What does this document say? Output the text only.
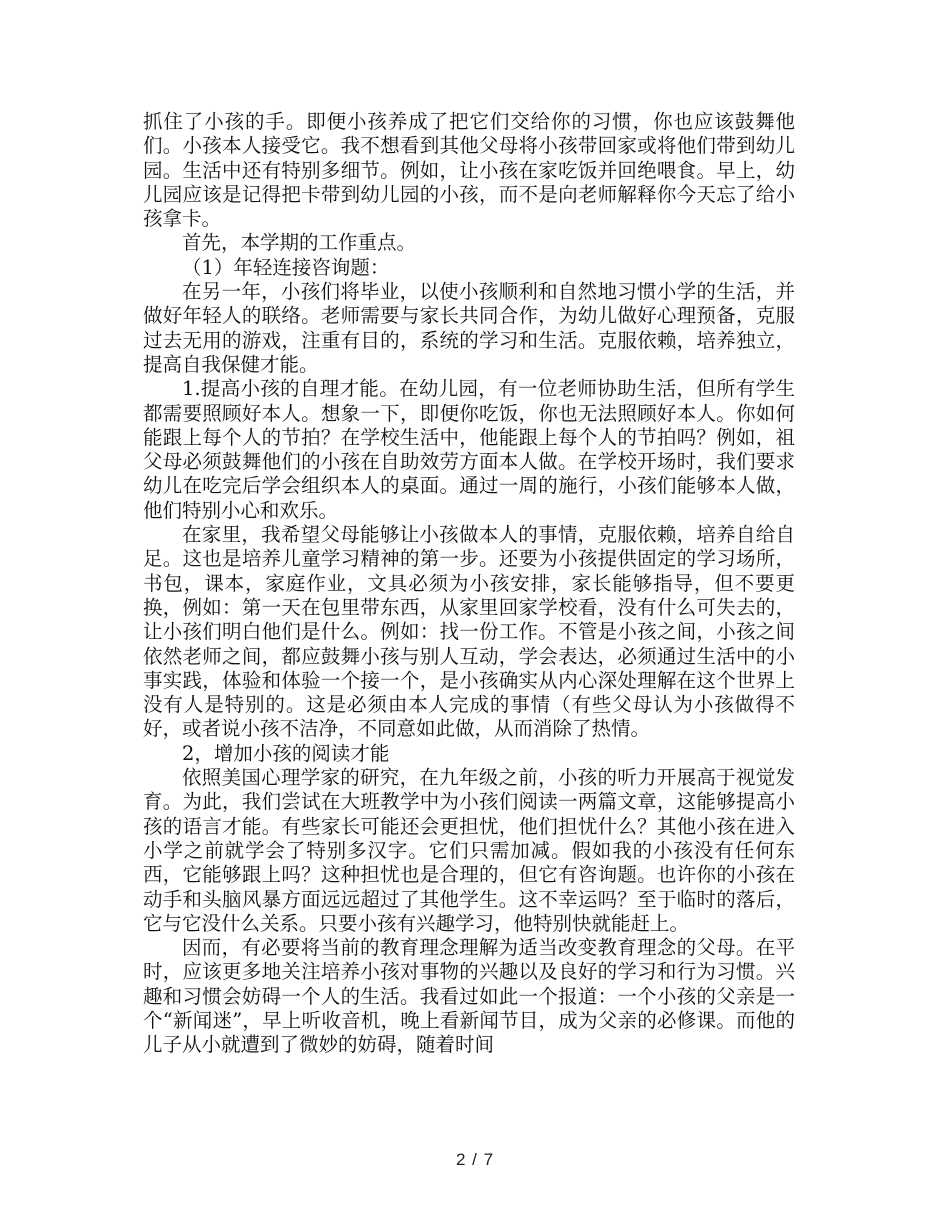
抓住了小孩的手。即便小孩养成了把它们交给你的习惯，你也应该鼓舞他们。小孩本人接受它。我不想看到其他父母将小孩带回家或将他们带到幼儿园。生活中还有特别多细节。例如，让小孩在家吃饭并回绝喂食。早上，幼儿园应该是记得把卡带到幼儿园的小孩，而不是向老师解释你今天忘了给小孩拿卡。

首先，本学期的工作重点。

（1）年轻连接咨询题：

在另一年，小孩们将毕业，以使小孩顺利和自然地习惯小学的生活，并做好年轻人的联络。老师需要与家长共同合作，为幼儿做好心理预备，克服过去无用的游戏，注重有目的，系统的学习和生活。克服依赖，培养独立，提高自我保健才能。

1.提高小孩的自理才能。在幼儿园，有一位老师协助生活，但所有学生都需要照顾好本人。想象一下，即便你吃饭，你也无法照顾好本人。你如何能跟上每个人的节拍？在学校生活中，他能跟上每个人的节拍吗？例如，祖父母必须鼓舞他们的小孩在自助效劳方面本人做。在学校开场时，我们要求幼儿在吃完后学会组织本人的桌面。通过一周的施行，小孩们能够本人做，他们特别小心和欢乐。

在家里，我希望父母能够让小孩做本人的事情，克服依赖，培养自给自足。这也是培养儿童学习精神的第一步。还要为小孩提供固定的学习场所，书包，课本，家庭作业，文具必须为小孩安排，家长能够指导，但不要更换，例如：第一天在包里带东西，从家里回家学校看，没有什么可失去的，让小孩们明白他们是什么。例如：找一份工作。不管是小孩之间，小孩之间依然老师之间，都应鼓舞小孩与别人互动，学会表达，必须通过生活中的小事实践，体验和体验一个接一个，是小孩确实从内心深处理解在这个世界上没有人是特别的。这是必须由本人完成的事情（有些父母认为小孩做得不好，或者说小孩不洁净，不同意如此做，从而消除了热情。

2，增加小孩的阅读才能

依照美国心理学家的研究，在九年级之前，小孩的听力开展高于视觉发育。为此，我们尝试在大班教学中为小孩们阅读一两篇文章，这能够提高小孩的语言才能。有些家长可能还会更担忧，他们担忧什么？其他小孩在进入小学之前就学会了特别多汉字。它们只需加减。假如我的小孩没有任何东西，它能够跟上吗？这种担忧也是合理的，但它有咨询题。也许你的小孩在动手和头脑风暴方面远远超过了其他学生。这不幸运吗？至于临时的落后，它与它没什么关系。只要小孩有兴趣学习，他特别快就能赶上。

因而，有必要将当前的教育理念理解为适当改变教育理念的父母。在平时，应该更多地关注培养小孩对事物的兴趣以及良好的学习和行为习惯。兴趣和习惯会妨碍一个人的生活。我看过如此一个报道：一个小孩的父亲是一个“新闻迷”，早上听收音机，晚上看新闻节目，成为父亲的必修课。而他的儿子从小就遭到了微妙的妨碍，随着时间

2 / 7
